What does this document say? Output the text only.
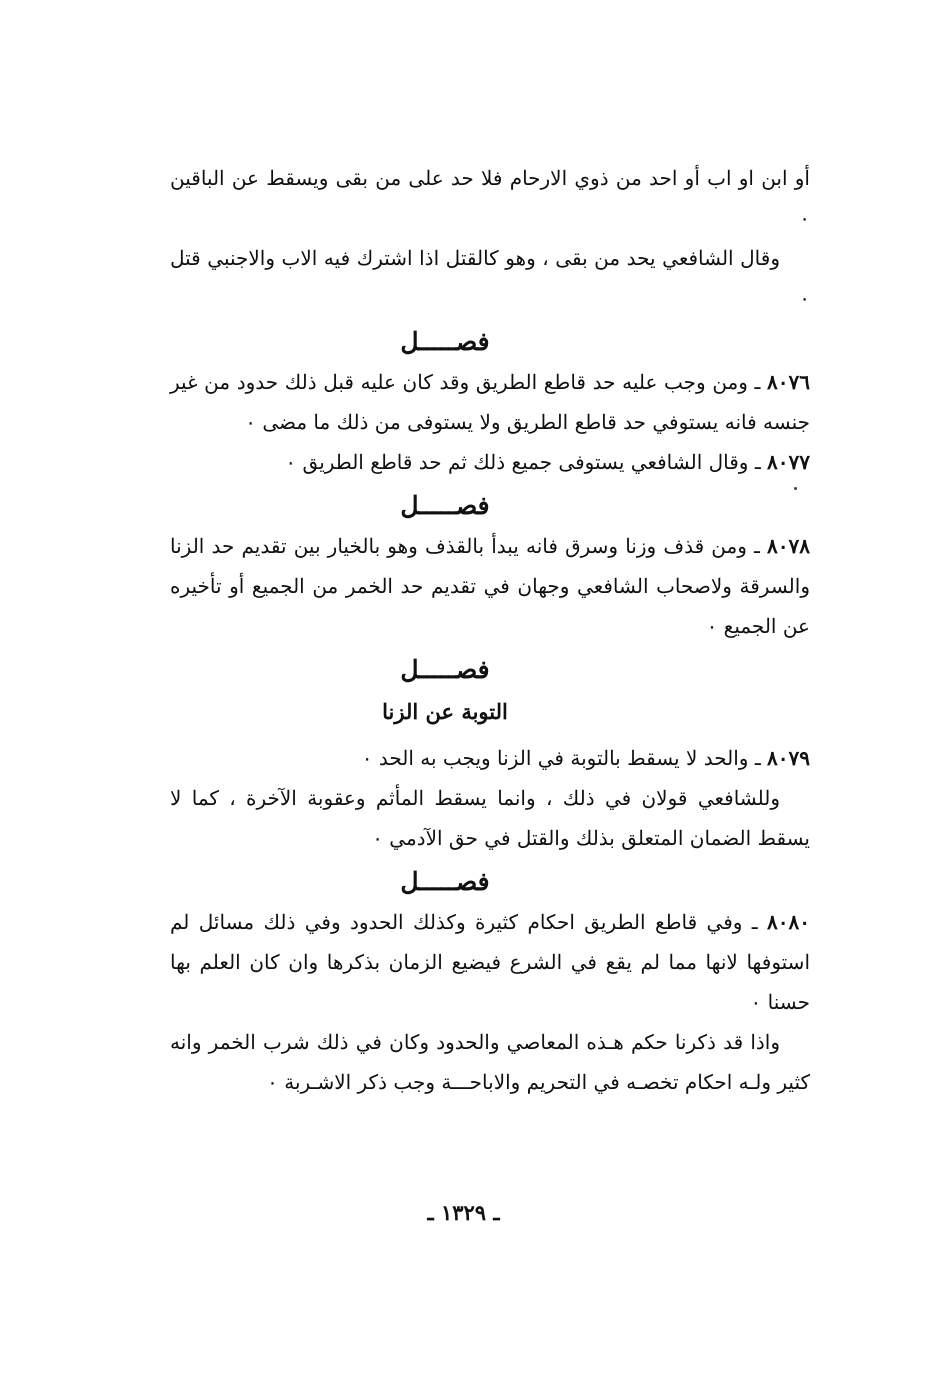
أو ابن او اب أو احد من ذوي الارحام فلا حد على من بقى ويسقط عن الباقين ٠

وقال الشافعي يحد من بقى ، وهو كالقتل اذا اشترك فيه الاب والاجنبي قتل ٠

فصـــــل

٨٠٧٦ ـ ومن وجب عليه حد قاطع الطريق وقد كان عليه قبل ذلك حدود من غير جنسه فانه يستوفي حد قاطع الطريق ولا يستوفى من ذلك ما مضى ٠

٨٠٧٧ ـ وقال الشافعي يستوفى جميع ذلك ثم حد قاطع الطريق ٠

فصـــــل

٨٠٧٨ ـ ومن قذف وزنا وسرق فانه يبدأ بالقذف وهو بالخيار بين تقديم حد الزنا والسرقة ولاصحاب الشافعي وجهان في تقديم حد الخمر من الجميع أو تأخيره عن الجميع ٠

فصـــــل
التوبة عن الزنا

٨٠٧٩ ـ والحد لا يسقط بالتوبة في الزنا ويجب به الحد ٠

وللشافعي قولان في ذلك ، وانما يسقط المأثم وعقوبة الآخرة ، كما لا يسقط الضمان المتعلق بذلك والقتل في حق الآدمي ٠

فصـــــل

٨٠٨٠ ـ وفي قاطع الطريق احكام كثيرة وكذلك الحدود وفي ذلك مسائل لم استوفها لانها مما لم يقع في الشرع فيضيع الزمان بذكرها وان كان العلم بها حسنا ٠

واذا قد ذكرنا حكم هـذه المعاصي والحدود وكان في ذلك شرب الخمر وانه كثير ولـه احكام تخصـه في التحريم والاباحـــة وجب ذكر الاشـربة ٠

ـ ١٣٢٩ ـ
